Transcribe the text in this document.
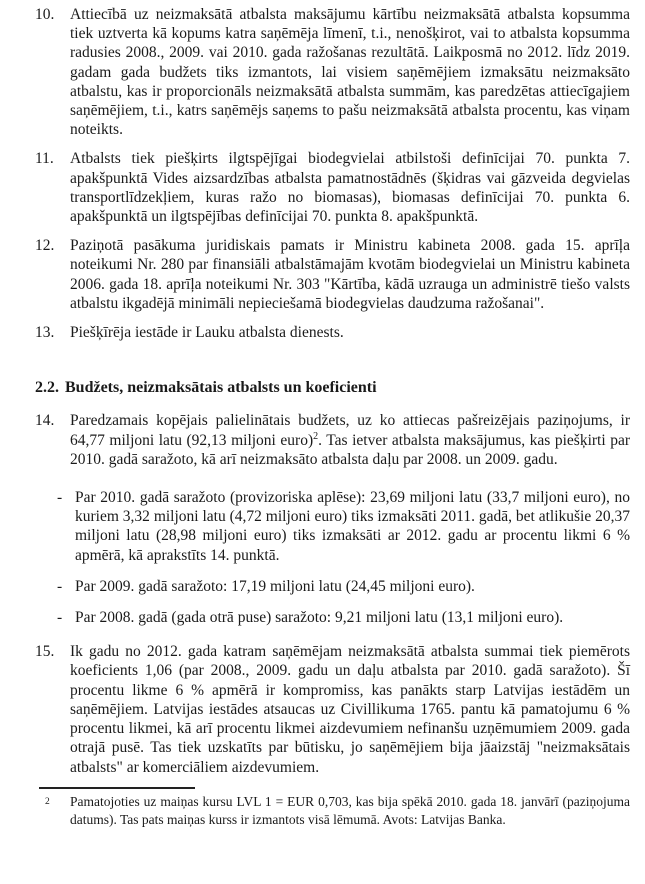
10.	Attiecībā uz neizmaksātā atbalsta maksājumu kārtību neizmaksātā atbalsta kopsumma tiek uztverta kā kopums katra saņēmēja līmenī, t.i., nenošķirot, vai to atbalsta kopsumma radusies 2008., 2009. vai 2010. gada ražošanas rezultātā. Laikposmā no 2012. līdz 2019. gadam gada budžets tiks izmantots, lai visiem saņēmējiem izmaksātu neizmaksāto atbalstu, kas ir proporcionāls neizmaksātā atbalsta summām, kas paredzētas attiecīgajiem saņēmējiem, t.i., katrs saņēmējs saņems to pašu neizmaksātā atbalsta procentu, kas viņam noteikts.
11.	Atbalsts tiek piešķirts ilgtspējīgai biodegvielai atbilstoši definīcijai 70. punkta 7. apakšpunktā Vides aizsardzības atbalsta pamatnostādnēs (šķidras vai gāzveida degvielas transportlīdzekļiem, kuras ražo no biomasas), biomasas definīcijai 70. punkta 6. apakšpunktā un ilgtspējības definīcijai 70. punkta 8. apakšpunktā.
12.	Paziņotā pasākuma juridiskais pamats ir Ministru kabineta 2008. gada 15. aprīļa noteikumi Nr. 280 par finansiāli atbalstāmajām kvotām biodegvielai un Ministru kabineta 2006. gada 18. aprīļa noteikumi Nr. 303 "Kārtība, kādā uzrauga un administrē tiešo valsts atbalstu ikgadējā minimāli nepieciešamā biodegvielas daudzuma ražošanai".
13.	Piešķīrēja iestāde ir Lauku atbalsta dienests.
2.2. Budžets, neizmaksātais atbalsts un koeficienti
14.	Paredzamais kopējais palielinātais budžets, uz ko attiecas pašreizējais paziņojums, ir 64,77 miljoni latu (92,13 miljoni euro)$^2$. Tas ietver atbalsta maksājumus, kas piešķirti par 2010. gadā saražoto, kā arī neizmaksāto atbalsta daļu par 2008. un 2009. gadu.
- Par 2010. gadā saražoto (provizoriska aplēse): 23,69 miljoni latu (33,7 miljoni euro), no kuriem 3,32 miljoni latu (4,72 miljoni euro) tiks izmaksāti 2011. gadā, bet atlikušie 20,37 miljoni latu (28,98 miljoni euro) tiks izmaksāti ar 2012. gadu ar procentu likmi 6 % apmērā, kā aprakstīts 14. punktā.
- Par 2009. gadā saražoto: 17,19 miljoni latu (24,45 miljoni euro).
- Par 2008. gadā (gada otrā puse) saražoto: 9,21 miljoni latu (13,1 miljoni euro).
15.	Ik gadu no 2012. gada katram saņēmējam neizmaksātā atbalsta summai tiek piemērots koeficients 1,06 (par 2008., 2009. gadu un daļu atbalsta par 2010. gadā saražoto). Šī procentu likme 6 % apmērā ir kompromiss, kas panākts starp Latvijas iestādēm un saņēmējiem. Latvijas iestādes atsaucas uz Civillikuma 1765. pantu kā pamatojumu 6 % procentu likmei, kā arī procentu likmei aizdevumiem nefinanšu uzņēmumiem 2009. gada otrajā pusē. Tas tiek uzskatīts par būtisku, jo saņēmējiem bija jāaizstāj "neizmaksātais atbalsts" ar komerciāliem aizdevumiem.
$^2$	Pamatojoties uz maiņas kursu LVL 1 = EUR 0,703, kas bija spēkā 2010. gada 18. janvārī (paziņojuma datums). Tas pats maiņas kurss ir izmantots visā lēmumā. Avots: Latvijas Banka.
